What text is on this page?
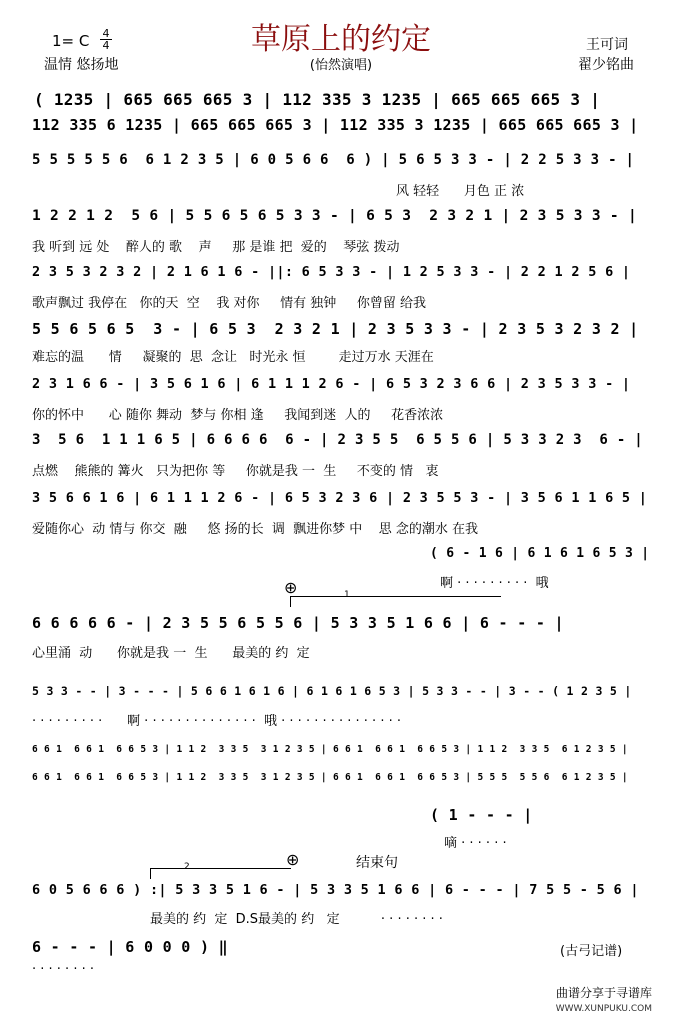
草原上的约定
1= C 4
4
温情 悠扬地	(怡然演唱)
王可词
翟少铭曲
( 1235 | 665 665 665 3 | 112 335 3 1235 | 665 665 665 3 |
112 335 6 1235 | 665 665 665 3 | 112 335 3 1235 | 665 665 665 3 |
5 5 5 5 5 6  6 1 2 3 5 | 6 0 5 6 6  6 ) | 5 6 5 3 3 - | 2 2 5 3 3 - |
风 轻轻      月色 正 浓
1 2 2 1 2  5 6 | 5 5 6 5 6 5 3 3 - | 6 5 3  2 3 2 1 | 2 3 5 3 3 - |
我 听到 远 处    醉人的 歌    声     那 是谁 把  爱的    琴弦 拨动
2 3 5 3 2 3 2 | 2 1 6 1 6 - ||: 6 5 3 3 - | 1 2 5 3 3 - | 2 2 1 2 5 6 |
歌声飘过 我停在   你的天  空    我 对你     情有 独钟     你曾留 给我
5 5 6 5 6 5  3 - | 6 5 3  2 3 2 1 | 2 3 5 3 3 - | 2 3 5 3 2 3 2 |
难忘的温      情     凝聚的  思  念让   时光永 恒        走过万水 天涯在
2 3 1 6 6 - | 3 5 6 1 6 | 6 1 1 1 2 6 - | 6 5 3 2 3 6 6 | 2 3 5 3 3 - |
你的怀中      心 随你 舞动  梦与 你相 逢     我闻到迷  人的     花香浓浓
3  5 6  1 1 1 6 5 | 6 6 6 6  6 - | 2 3 5 5  6 5 5 6 | 5 3 3 2 3  6 - |
点燃    熊熊的 篝火   只为把你 等     你就是我 一  生     不变的 情   衷
3 5 6 6 1 6 | 6 1 1 1 2 6 - | 6 5 3 2 3 6 | 2 3 5 5 3 - | 3 5 6 1 1 6 5 |
爱随你心  动 情与 你交  融     悠 扬的长  调  飘进你梦 中    思 念的潮水 在我
( 6 - 1 6 | 6 1 6 1 6 5 3 |
啊 · · · · · · · · ·  哦
⊕	1
6 6 6 6 6 - | 2 3 5 5 6 5 5 6 | 5 3 3 5 1 6 6 | 6 - - - |
心里涌  动      你就是我 一  生      最美的 约  定
5 3 3 - - | 3 - - - | 5 6 6 1 6 1 6 | 6 1 6 1 6 5 3 | 5 3 3 - - | 3 - - ( 1 2 3 5 |
· · · · · · · · ·      啊 · · · · · · · · · · · · · ·  哦 · · · · · · · · · · · · · · ·
6 6 1  6 6 1  6 6 5 3 | 1 1 2  3 3 5  3 1 2 3 5 | 6 6 1  6 6 1  6 6 5 3 | 1 1 2  3 3 5  6 1 2 3 5 |
6 6 1  6 6 1  6 6 5 3 | 1 1 2  3 3 5  3 1 2 3 5 | 6 6 1  6 6 1  6 6 5 3 | 5 5 5  5 5 6  6 1 2 3 5 |
( 1 - - - |
嘀 · · · · · ·
⊕	结束句
2
6 0 5 6 6 6 ) :| 5 3 3 5 1 6 - | 5 3 3 5 1 6 6 | 6 - - - | 7 5 5 - 5 6 |
最美的 约  定  D.S最美的 约   定          · · · · · · · ·
6 - - - | 6 0 0 0 ) ‖
· · · · · · · ·
(古弓记谱)
曲谱分享于寻谱库
WWW.XUNPUKU.COM
